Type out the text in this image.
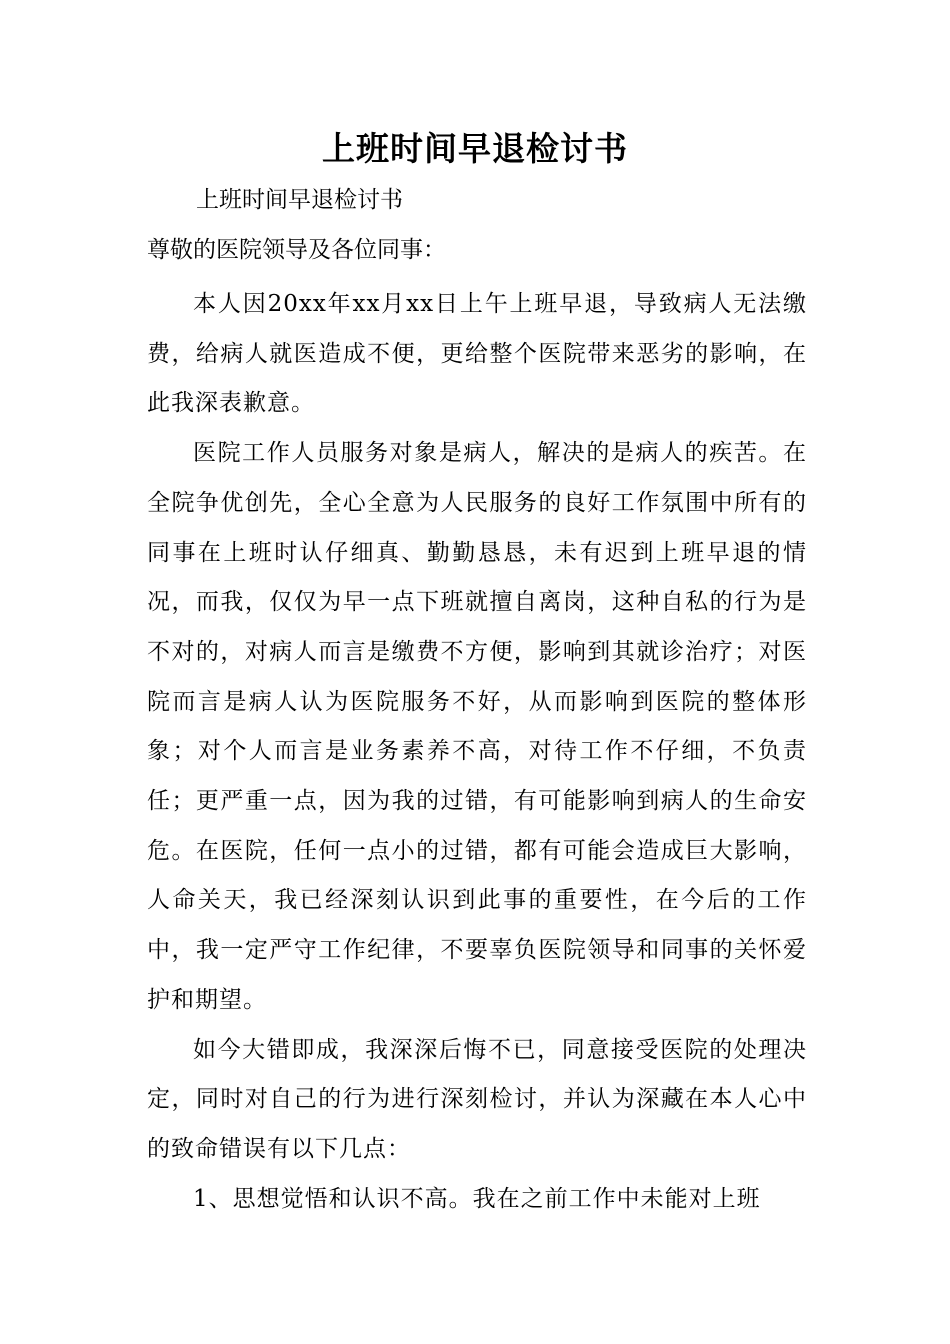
上班时间早退检讨书
上班时间早退检讨书
尊敬的医院领导及各位同事：

本人因20xx年xx月xx日上午上班早退，导致病人无法缴费，给病人就医造成不便，更给整个医院带来恶劣的影响，在此我深表歉意。

医院工作人员服务对象是病人，解决的是病人的疾苦。在全院争优创先，全心全意为人民服务的良好工作氛围中所有的同事在上班时认仔细真、勤勤恳恳，未有迟到上班早退的情况，而我，仅仅为早一点下班就擅自离岗，这种自私的行为是不对的，对病人而言是缴费不方便，影响到其就诊治疗；对医院而言是病人认为医院服务不好，从而影响到医院的整体形象；对个人而言是业务素养不高，对待工作不仔细，不负责任；更严重一点，因为我的过错，有可能影响到病人的生命安危。在医院，任何一点小的过错，都有可能会造成巨大影响，人命关天，我已经深刻认识到此事的重要性，在今后的工作中，我一定严守工作纪律，不要辜负医院领导和同事的关怀爱护和期望。

如今大错即成，我深深后悔不已，同意接受医院的处理决定，同时对自己的行为进行深刻检讨，并认为深藏在本人心中的致命错误有以下几点：

1、思想觉悟和认识不高。我在之前工作中未能对上班
